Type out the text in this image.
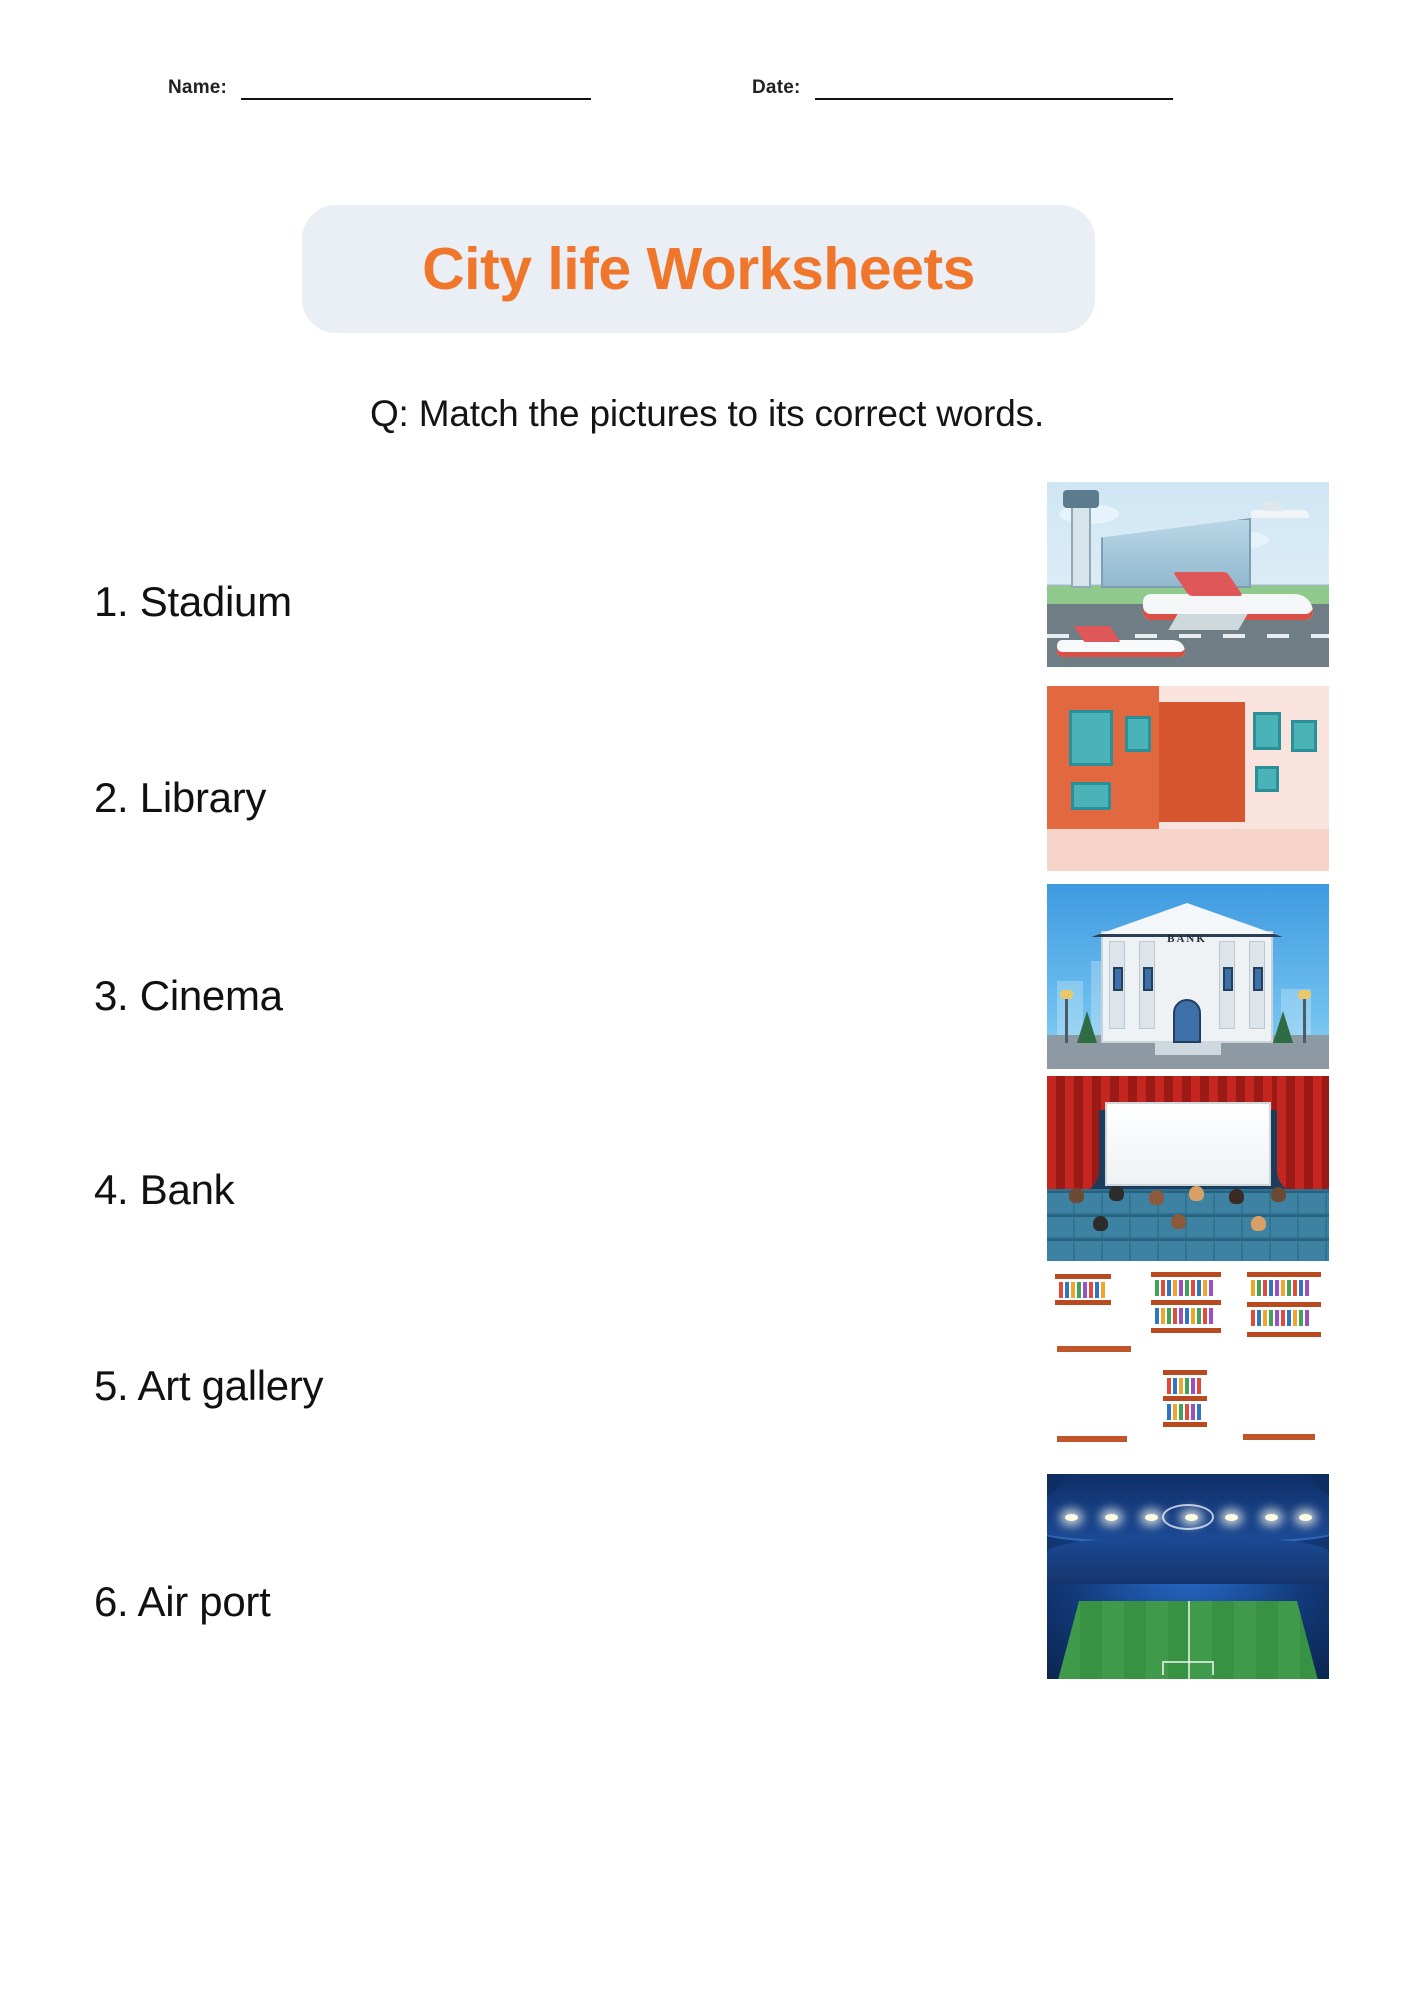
Name:	Date:
City life Worksheets
Q: Match the pictures to its correct words.
1. Stadium
2. Library
3. Cinema
BANK
4. Bank
5. Art gallery
6. Air port
